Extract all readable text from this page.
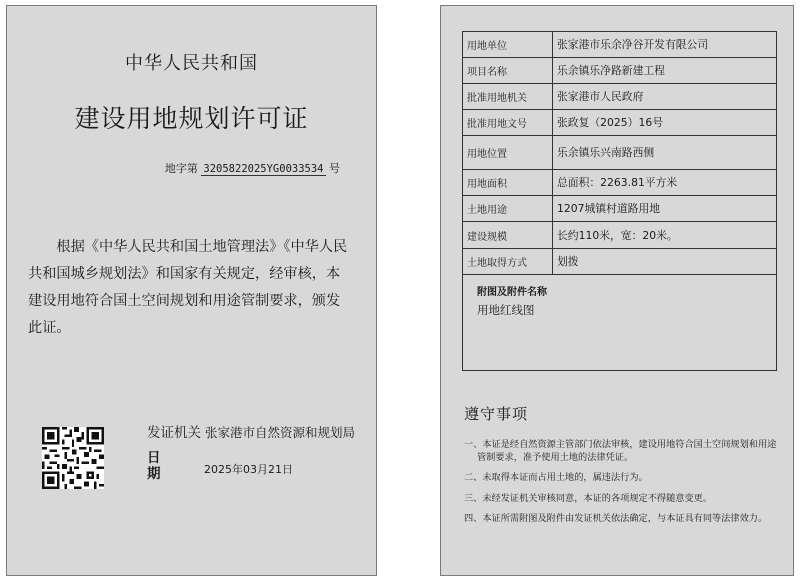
中华人民共和国
建设用地规划许可证
地字第 3205822025YG0033534 号
根据《中华人民共和国土地管理法》《中华人民共和国城乡规划法》和国家有关规定，经审核，本建设用地符合国土空间规划和用途管制要求，颁发此证。
发证机关 张家港市自然资源和规划局
日期	2025年03月21日
用地单位	张家港市乐余净谷开发有限公司
项目名称	乐余镇乐净路新建工程
批准用地机关	张家港市人民政府
批准用地文号	张政复（2025）16号
用地位置	乐余镇乐兴南路西侧
用地面积	总面积：2263.81平方米
土地用途	1207城镇村道路用地
建设规模	长约110米，宽：20米。
土地取得方式	划拨

附图及附件名称
用地红线图	
遵守事项
一、本证是经自然资源主管部门依法审核，建设用地符合国土空间规划和用途管制要求，准予使用土地的法律凭证。
二、未取得本证而占用土地的，属违法行为。
三、未经发证机关审核同意，本证的各项规定不得随意变更。
四、本证所需附图及附件由发证机关依法确定，与本证具有同等法律效力。
